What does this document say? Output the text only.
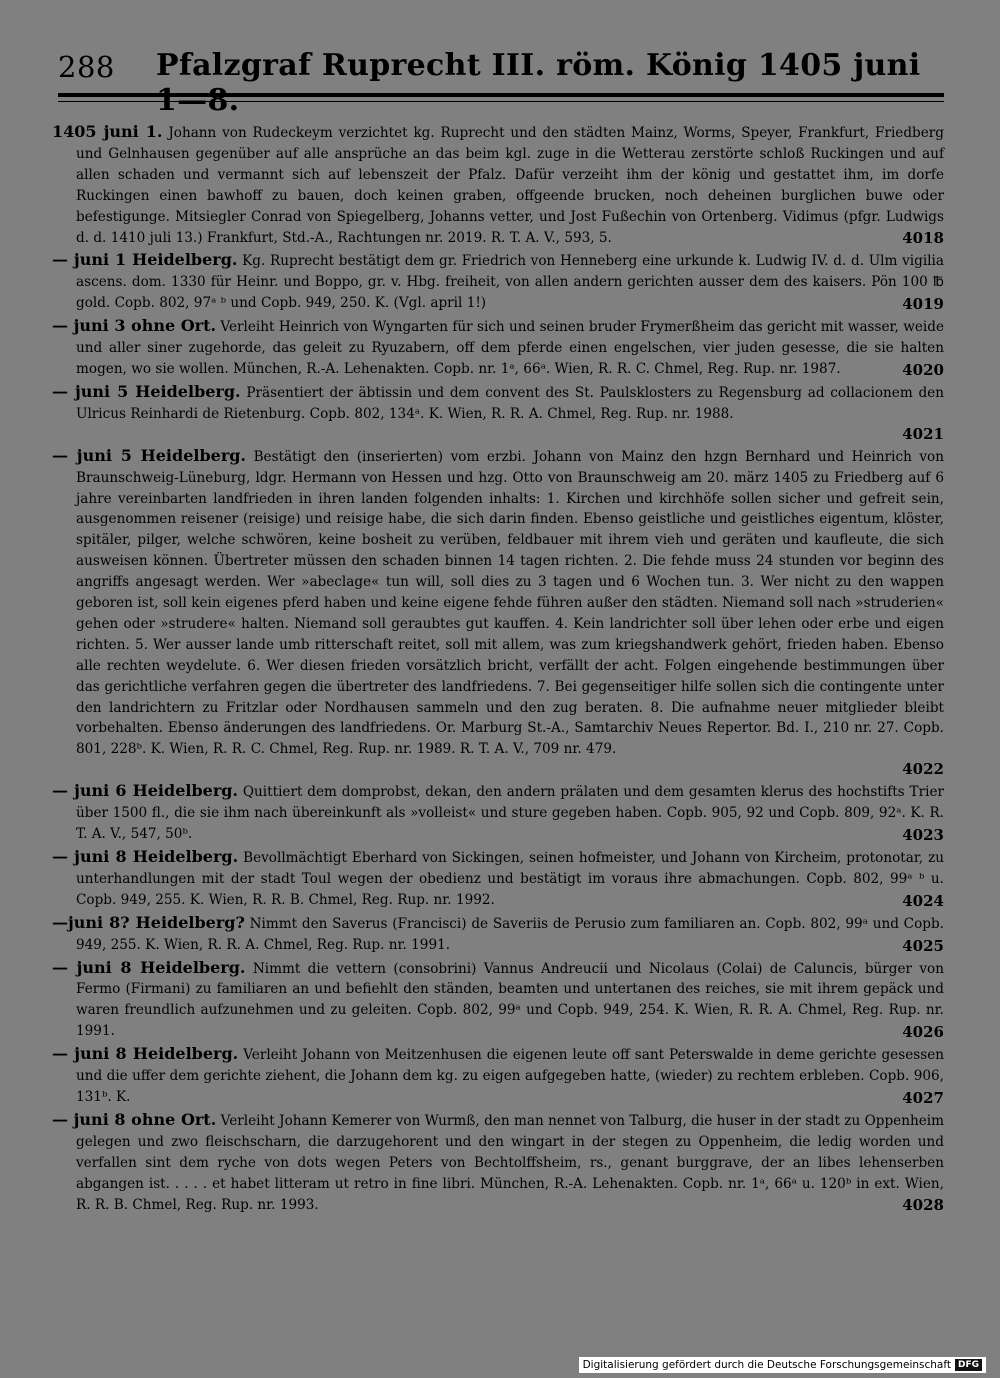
288 Pfalzgraf Ruprecht III. röm. König 1405 juni
1405 juni 1. Johann von Rudeckeym verzichtet kg. Ruprecht und den städten Mainz, Worms, Speyer, Frankfurt, Friedberg und Gelnhausen gegenüber auf alle ansprüche an das beim kgl. zuge in die Wetterau zerstörte schloß Ruckingen und auf allen schaden und vermannt sich auf lebenszeit der Pfalz. Dafür verzeiht ihm der könig und gestattet ihm, im dorfe Ruckingen einen bawhoff zu bauen, doch keinen graben, offgeende brucken, noch deheinen burglichen buwe oder befestigunge. Mitsiegler Conrad von Spiegelberg, Johanns vetter, und Jost Fußechin von Ortenberg. Vidimus (pfgr. Ludwigs d. d. 1410 juli 13.) Frankfurt, Std.-A., Rachtungen nr. 2019. R. T. A. V., 593, 5.	4018
— juni 1 Heidelberg. Kg. Ruprecht bestätigt dem gr. Friedrich von Henneberg eine urkunde k. Ludwig IV. d. d. Ulm vigilia ascens. dom. 1330 für Heinr. und Boppo, gr. v. Hbg. freiheit, von allen andern gerichten ausser dem des kaisers. Pön 100 ℔ gold. Copb. 802, 97ᵃ ᵇ und Copb. 949, 250. K. (Vgl. april 1!)	4019
— juni 3 ohne Ort. Verleiht Heinrich von Wyngarten für sich und seinen bruder Frymerßheim das gericht mit wasser, weide und aller siner zugehorde, das geleit zu Ryuzabern, off dem pferde einen engelschen, vier juden gesesse, die sie halten mogen, wo sie wollen. München, R.-A. Lehenakten. Copb. nr. 1ᵃ, 66ᵃ. Wien, R. R. C. Chmel, Reg. Rup. nr. 1987.	4020
— juni 5 Heidelberg. Präsentiert der äbtissin und dem convent des St. Paulsklosters zu Regensburg ad collacionem den Ulricus Reinhardi de Rietenburg. Copb. 802, 134ᵃ. K. Wien, R. R. A. Chmel, Reg. Rup. nr. 1988.
4021
— juni 5 Heidelberg. Bestätigt den (inserierten) vom erzbi. Johann von Mainz den hzgn Bernhard und Heinrich von Braunschweig-Lüneburg, ldgr. Hermann von Hessen und hzg. Otto von Braunschweig am 20. märz 1405 zu Friedberg auf 6 jahre vereinbarten landfrieden in ihren landen folgenden inhalts: 1. Kirchen und kirchhöfe sollen sicher und gefreit sein, ausgenommen reisener (reisige) und reisige habe, die sich darin finden. Ebenso geistliche und geistliches eigentum, klöster, spitäler, pilger, welche schwören, keine bosheit zu verüben, feldbauer mit ihrem vieh und geräten und kaufleute, die sich ausweisen können. Übertreter müssen den schaden binnen 14 tagen richten. 2. Die fehde muss 24 stunden vor beginn des angriffs angesagt werden. Wer »abeclage« tun will, soll dies zu 3 tagen und 6 Wochen tun. 3. Wer nicht zu den wappen geboren ist, soll kein eigenes pferd haben und keine eigene fehde führen außer den städten. Niemand soll nach »struderien« gehen oder »strudere« halten. Niemand soll geraubtes gut kauffen. 4. Kein landrichter soll über lehen oder erbe und eigen richten. 5. Wer ausser lande umb ritterschaft reitet, soll mit allem, was zum kriegshandwerk gehört, frieden haben. Ebenso alle rechten weydelute. 6. Wer diesen frieden vorsätzlich bricht, verfällt der acht. Folgen eingehende bestimmungen über das gerichtliche verfahren gegen die übertreter des landfriedens. 7. Bei gegenseitiger hilfe sollen sich die contingente unter den landrichtern zu Fritzlar oder Nordhausen sammeln und den zug beraten. 8. Die aufnahme neuer mitglieder bleibt vorbehalten. Ebenso änderungen des landfriedens. Or. Marburg St.-A., Samtarchiv Neues Repertor. Bd. I., 210 nr. 27. Copb. 801, 228ᵇ. K. Wien, R. R. C. Chmel, Reg. Rup. nr. 1989. R. T. A. V., 709 nr. 479.
4022
— juni 6 Heidelberg. Quittiert dem domprobst, dekan, den andern prälaten und dem gesamten klerus des hochstifts Trier über 1500 fl., die sie ihm nach übereinkunft als »volleist« und sture gegeben haben. Copb. 905, 92 und Copb. 809, 92ᵃ. K. R. T. A. V., 547, 50ᵇ.	4023
— juni 8 Heidelberg. Bevollmächtigt Eberhard von Sickingen, seinen hofmeister, und Johann von Kircheim, protonotar, zu unterhandlungen mit der stadt Toul wegen der obedienz und bestätigt im voraus ihre abmachungen. Copb. 802, 99ᵃ ᵇ u. Copb. 949, 255. K. Wien, R. R. B. Chmel, Reg. Rup. nr. 1992.	4024
—juni 8? Heidelberg? Nimmt den Saverus (Francisci) de Saveriis de Perusio zum familiaren an. Copb. 802, 99ᵃ und Copb. 949, 255. K. Wien, R. R. A. Chmel, Reg. Rup. nr. 1991.	4025
— juni 8 Heidelberg. Nimmt die vettern (consobrini) Vannus Andreucii und Nicolaus (Colai) de Caluncis, bürger von Fermo (Firmani) zu familiaren an und befiehlt den ständen, beamten und untertanen des reiches, sie mit ihrem gepäck und waren freundlich aufzunehmen und zu geleiten. Copb. 802, 99ᵃ und Copb. 949, 254. K. Wien, R. R. A. Chmel, Reg. Rup. nr. 1991.	4026
— juni 8 Heidelberg. Verleiht Johann von Meitzenhusen die eigenen leute off sant Peterswalde in deme gerichte gesessen und die uffer dem gerichte ziehent, die Johann dem kg. zu eigen aufgegeben hatte, (wieder) zu rechtem erbleben. Copb. 906, 131ᵇ. K.	4027
— juni 8 ohne Ort. Verleiht Johann Kemerer von Wurmß, den man nennet von Talburg, die huser in der stadt zu Oppenheim gelegen und zwo fleischscharn, die darzugehorent und den wingart in der stegen zu Oppenheim, die ledig worden und verfallen sint dem ryche von dots wegen Peters von Bechtolffsheim, rs., genant burggrave, der an libes lehenserben abgangen ist. . . . . et habet litteram ut retro in fine libri. München, R.-A. Lehenakten. Copb. nr. 1ᵃ, 66ᵃ u. 120ᵇ in ext. Wien, R. R. B. Chmel, Reg. Rup. nr. 1993.	4028
Digitalisierung gefördert durch die Deutsche Forschungsgemeinschaft DFG
